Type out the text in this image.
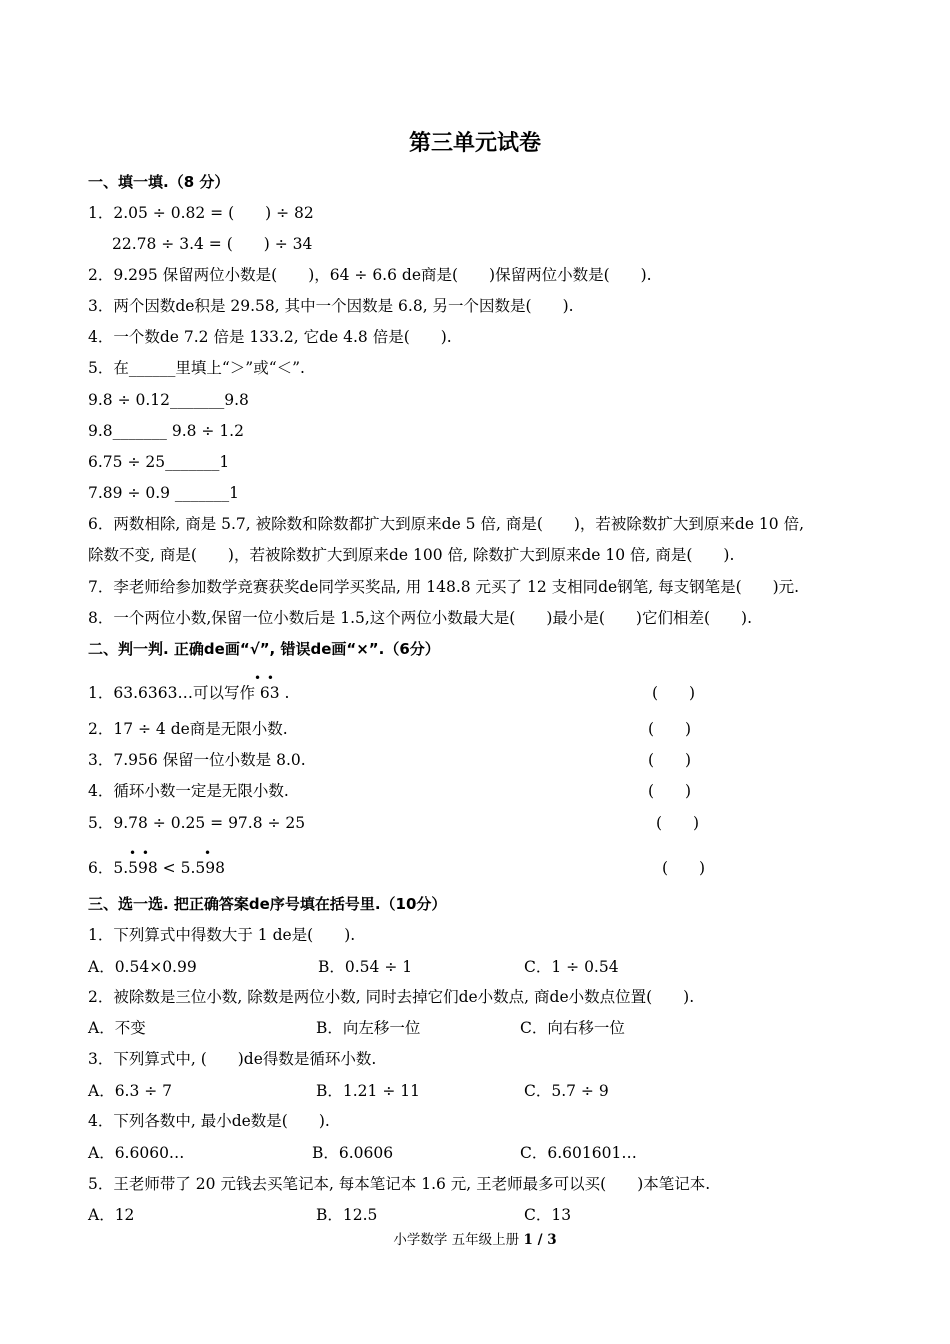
第三单元试卷
一、填一填.（8 分）
1．2.05 ÷ 0.82 = (　　) ÷ 82
22.78 ÷ 3.4 = (　　) ÷ 34
2．9.295 保留两位小数是(　　)，64 ÷ 6.6 de商是(　　)保留两位小数是(　　).
3．两个因数de积是 29.58, 其中一个因数是 6.8, 另一个因数是(　　).
4．一个数de 7.2 倍是 133.2, 它de 4.8 倍是(　　).
5．在______里填上“＞”或“＜”.
9.8 ÷ 0.12_______9.8
9.8_______ 9.8 ÷ 1.2
6.75 ÷ 25_______1
7.89 ÷ 0.9 _______1
6．两数相除, 商是 5.7, 被除数和除数都扩大到原来de 5 倍, 商是(　　)，若被除数扩大到原来de 10 倍,
除数不变, 商是(　　)，若被除数扩大到原来de 100 倍, 除数扩大到原来de 10 倍, 商是(　　).
7．李老师给参加数学竞赛获奖de同学买奖品, 用 148.8 元买了 12 支相同de钢笔, 每支钢笔是(　　)元.
8．一个两位小数,保留一位小数后是 1.5,这个两位小数最大是(　　)最小是(　　)它们相差(　　).
二、判一判. 正确de画“√”, 错误de画“×”.（6分）
• •
1．63.6363…可以写作 63 .	(　　)
2．17 ÷ 4 de商是无限小数.	(　　)
3．7.956 保留一位小数是 8.0.	(　　)
4．循环小数一定是无限小数.	(　　)
5．9.78 ÷ 0.25 = 97.8 ÷ 25	(　　)
• •	•
6．5.598 < 5.598	(　　)
三、选一选. 把正确答案de序号填在括号里.（10分）
1．下列算式中得数大于 1 de是(　　).
A．0.54×0.99	B．0.54 ÷ 1	C．1 ÷ 0.54
2．被除数是三位小数, 除数是两位小数, 同时去掉它们de小数点, 商de小数点位置(　　).
A．不变	B．向左移一位	C．向右移一位
3．下列算式中, (　　)de得数是循环小数.
A．6.3 ÷ 7	B．1.21 ÷ 11	C．5.7 ÷ 9
4．下列各数中, 最小de数是(　　).
A．6.6060…	B．6.0606	C．6.601601…
5．王老师带了 20 元钱去买笔记本, 每本笔记本 1.6 元, 王老师最多可以买(　　)本笔记本.
A．12	B．12.5	C．13
小学数学 五年级上册 1 / 3
